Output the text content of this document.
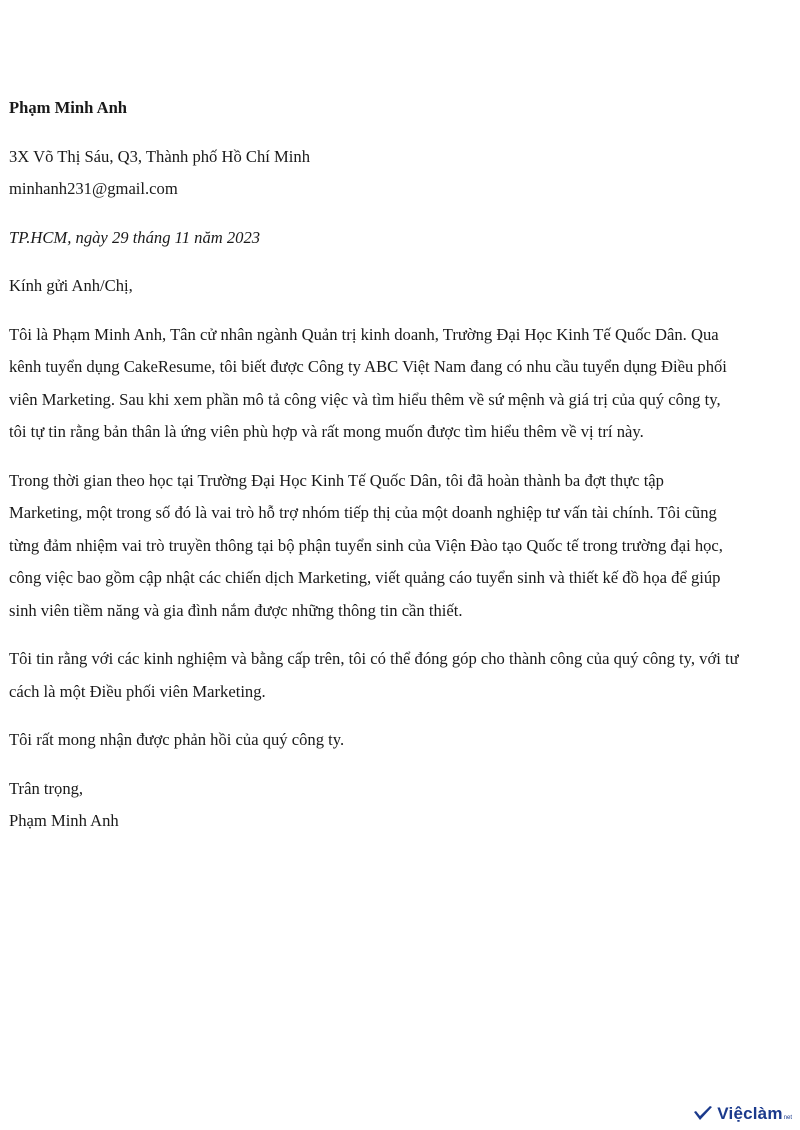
Phạm Minh Anh
3X Võ Thị Sáu, Q3, Thành phố Hồ Chí Minh
minhanh231@gmail.com
TP.HCM, ngày 29 tháng 11 năm 2023
Kính gửi Anh/Chị,

Tôi là Phạm Minh Anh, Tân cử nhân ngành Quản trị kinh doanh, Trường Đại Học Kinh Tế Quốc Dân. Qua kênh tuyển dụng CakeResume, tôi biết được Công ty ABC Việt Nam đang có nhu cầu tuyển dụng Điều phối viên Marketing. Sau khi xem phần mô tả công việc và tìm hiểu thêm về sứ mệnh và giá trị của quý công ty, tôi tự tin rằng bản thân là ứng viên phù hợp và rất mong muốn được tìm hiểu thêm về vị trí này.

Trong thời gian theo học tại Trường Đại Học Kinh Tế Quốc Dân, tôi đã hoàn thành ba đợt thực tập Marketing, một trong số đó là vai trò hỗ trợ nhóm tiếp thị của một doanh nghiệp tư vấn tài chính. Tôi cũng từng đảm nhiệm vai trò truyền thông tại bộ phận tuyển sinh của Viện Đào tạo Quốc tế trong trường đại học, công việc bao gồm cập nhật các chiến dịch Marketing, viết quảng cáo tuyển sinh và thiết kế đồ họa để giúp sinh viên tiềm năng và gia đình nắm được những thông tin cần thiết.

Tôi tin rằng với các kinh nghiệm và bằng cấp trên, tôi có thể đóng góp cho thành công của quý công ty, với tư cách là một Điều phối viên Marketing.

Tôi rất mong nhận được phản hồi của quý công ty.

Trân trọng,
Phạm Minh Anh
Việclàm net
